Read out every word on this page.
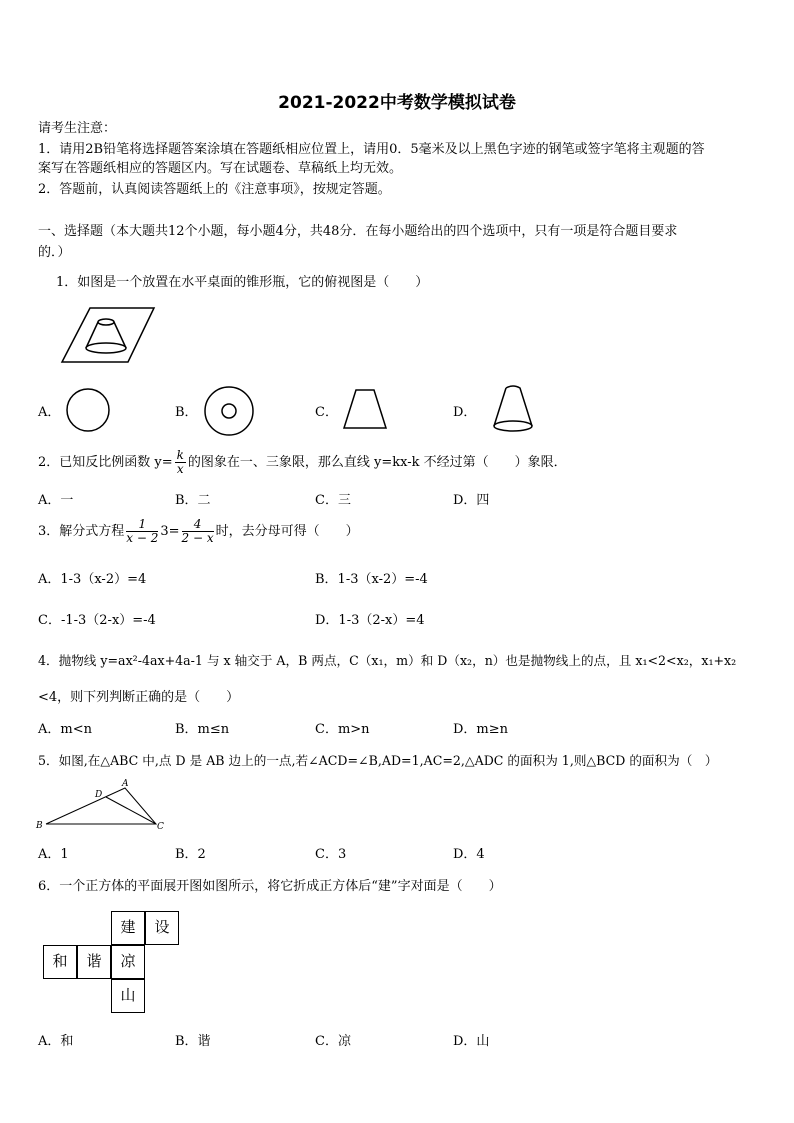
2021-2022中考数学模拟试卷
请考生注意：
1．请用2B铅笔将选择题答案涂填在答题纸相应位置上，请用0．5毫米及以上黑色字迹的钢笔或签字笔将主观题的答
案写在答题纸相应的答题区内。写在试题卷、草稿纸上均无效。
2．答题前，认真阅读答题纸上的《注意事项》，按规定答题。
一、选择题（本大题共12个小题，每小题4分，共48分．在每小题给出的四个选项中，只有一项是符合题目要求
的．）
1．如图是一个放置在水平桌面的锥形瓶，它的俯视图是（　　）
A．	B．	C．	D．
2．已知反比例函数 $y= \frac{k}{x}$ 的图象在一、三象限，那么直线 y=kx-k 不经过第（　　）象限．
A．一	B．二	C．三	D．四
3．解分式方程 $\frac{1}{x - 2} 3= \frac{4}{2 - x}$ 时，去分母可得（　　）
A．1-3（x-2）=4	B．1-3（x-2）=-4
C．-1-3（2-x）=-4	D．1-3（2-x）=4
4．抛物线 y=ax²-4ax+4a-1 与 x 轴交于 A，B 两点，C（x₁，m）和 D（x₂，n）也是抛物线上的点，且 x₁<2<x₂，x₁+x₂
<4，则下列判断正确的是（　　）
A．m<n	B．m≤n	C．m>n	D．m≥n
5．如图,在△ABC 中,点 D 是 AB 边上的一点,若∠ACD=∠B,AD=1,AC=2,△ADC 的面积为 1,则△BCD 的面积为（　）
A
B	C
D
A．1	B．2	C．3	D．4
6．一个正方体的平面展开图如图所示，将它折成正方体后“建”字对面是（　　）
建	设
和	谐	凉
山
A．和	B．谐	C．凉	D．山
